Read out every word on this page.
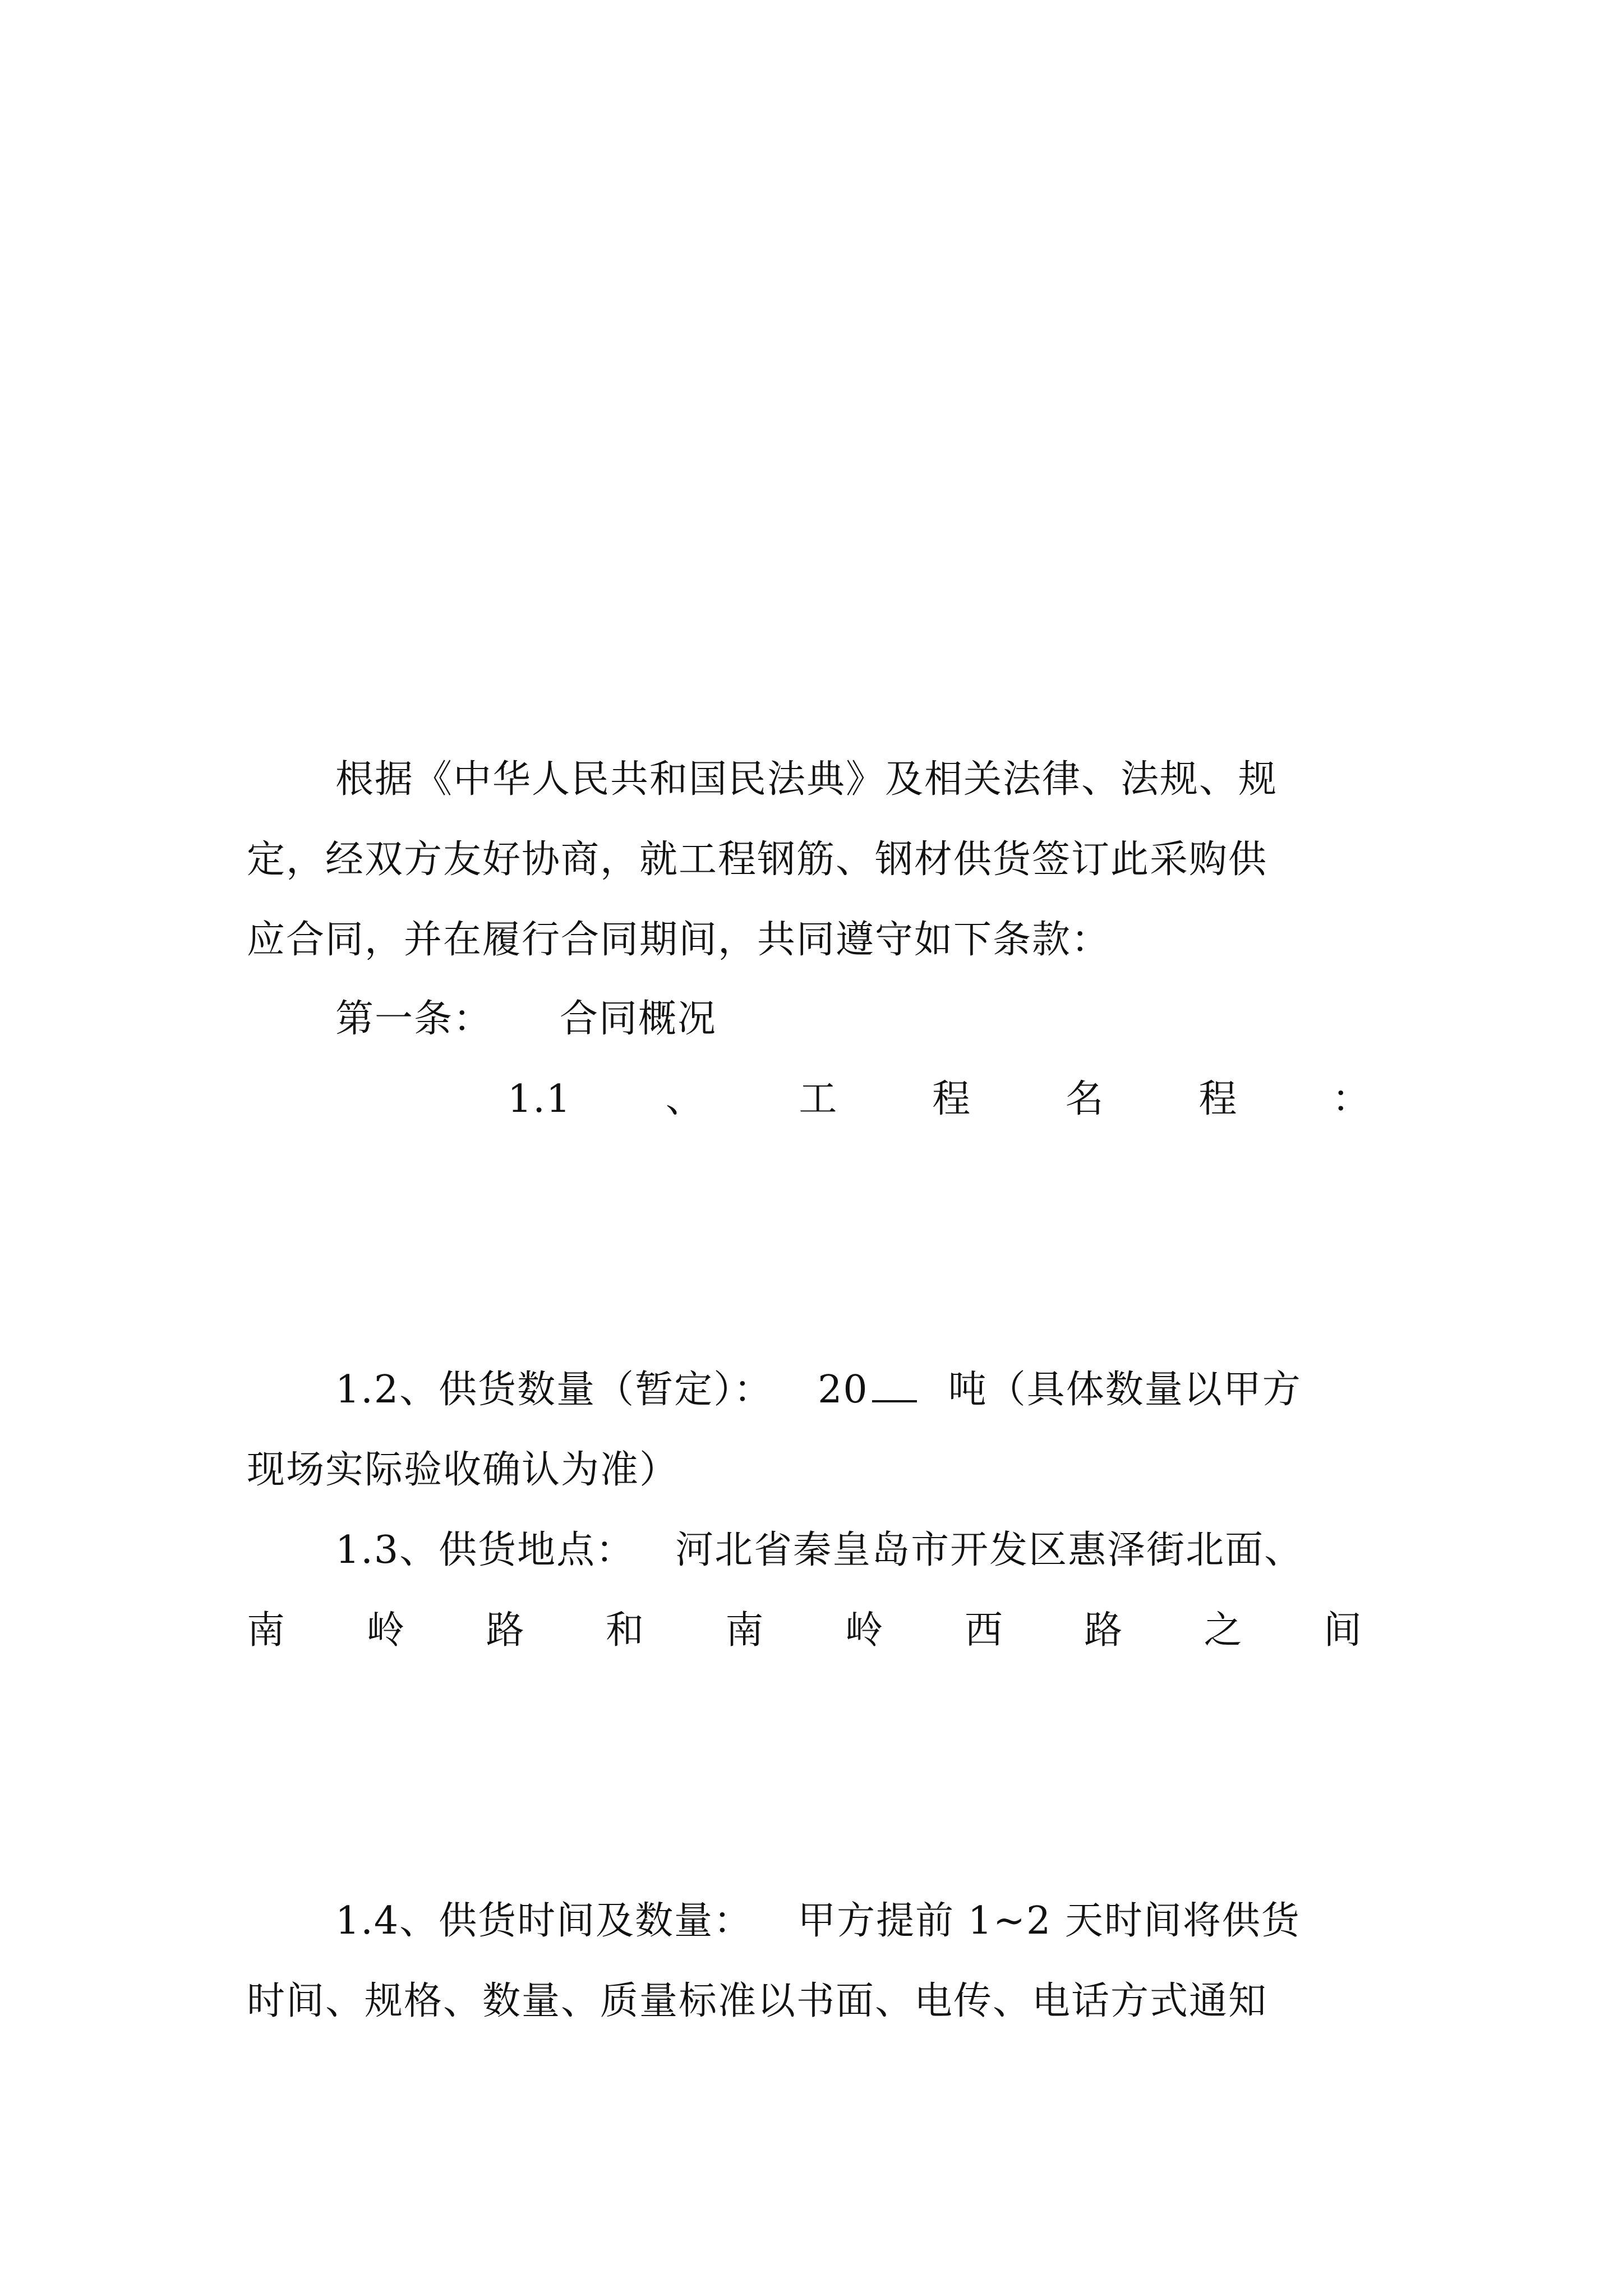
根据《中华人民共和国民法典》及相关法律、法规、规
定，经双方友好协商，就工程钢筋、钢材供货签订此采购供
应合同，并在履行合同期间，共同遵守如下条款：
第一条： 合同概况
1.1 、 工 程 名 程 ：
1.2、供货数量（暂定）： 20 吨（具体数量以甲方
现场实际验收确认为准）
1.3、供货地点： 河北省秦皇岛市开发区惠泽街北面、
南 岭 路 和 南 岭 西 路 之 间
1.4、供货时间及数量： 甲方提前 1~2 天时间将供货
时间、规格、数量、质量标准以书面、电传、电话方式通知
